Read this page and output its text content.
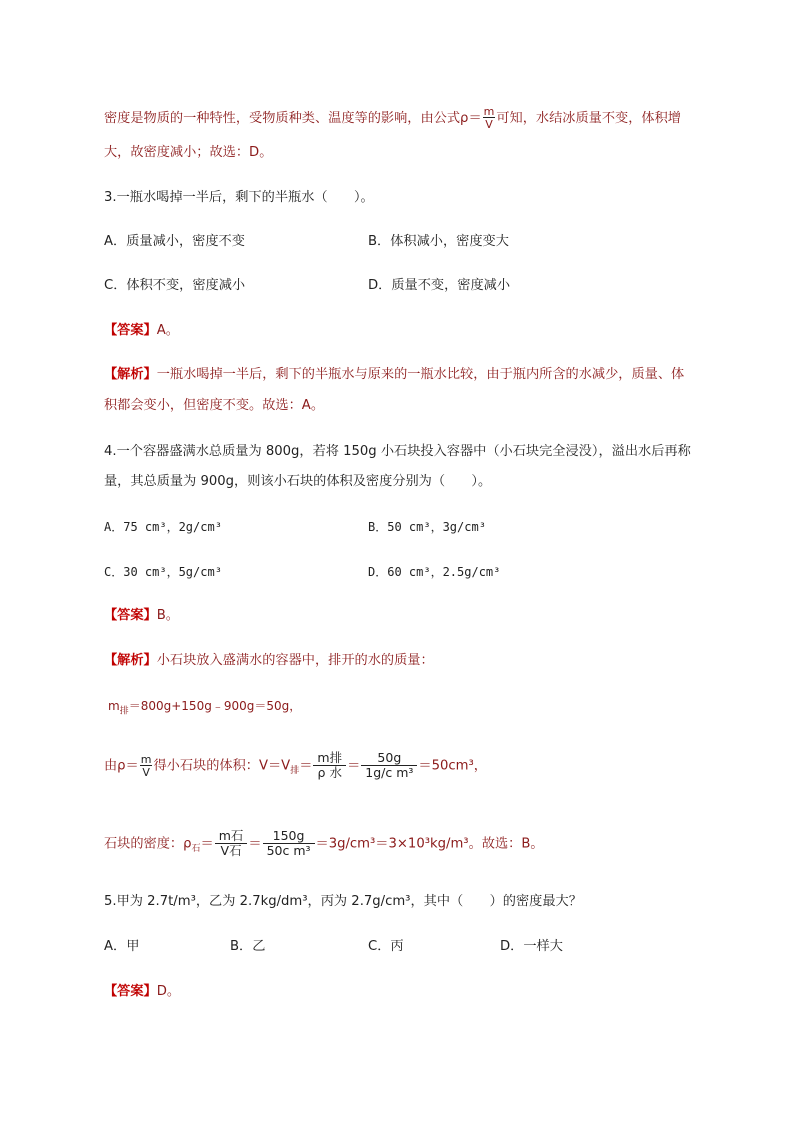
密度是物质的一种特性，受物质种类、温度等的影响，由公式$\rho= \frac{m}{V}$ 可知，水结冰质量不变，体积增
大，故密度减小；故选：D。
3.一瓶水喝掉一半后，剩下的半瓶水（　　）。
A．质量减小，密度不变	B．体积减小，密度变大
C．体积不变，密度减小	D．质量不变，密度减小
【答案】A。
【解析】一瓶水喝掉一半后，剩下的半瓶水与原来的一瓶水比较，由于瓶内所含的水减少，质量、体
积都会变小，但密度不变。故选：A。
4.一个容器盛满水总质量为 800g，若将 150g 小石块投入容器中（小石块完全浸没），溢出水后再称
量，其总质量为 900g，则该小石块的体积及密度分别为（　　）。
A．75 cm³，2g/cm³	B．50 cm³，3g/cm³
C．30 cm³，5g/cm³	D．60 cm³，2.5g/cm³
【答案】B。
【解析】小石块放入盛满水的容器中，排开的水的质量：
$m_排=800g+150g﹣900g=50g$，
由$\rho= \frac{m}{V}$ 得小石块的体积：$V=V_排= \frac{\text{m排}}{\text{ρ 水}} = \frac{50g}{\text{1g/c m³}} =50cm^3$，
石块的密度：$\rho_石= \frac{\text{m石}}{\text{V石}} = \frac{150g}{\text{50c m³}} =3g/cm^3=3\times 10^3kg/m^3$。故选：B。
5.甲为 2.7t/m³，乙为 2.7kg/dm³，丙为 2.7g/cm³，其中（　　）的密度最大？
A．甲	B．乙	C．丙	D．一样大
【答案】D。
